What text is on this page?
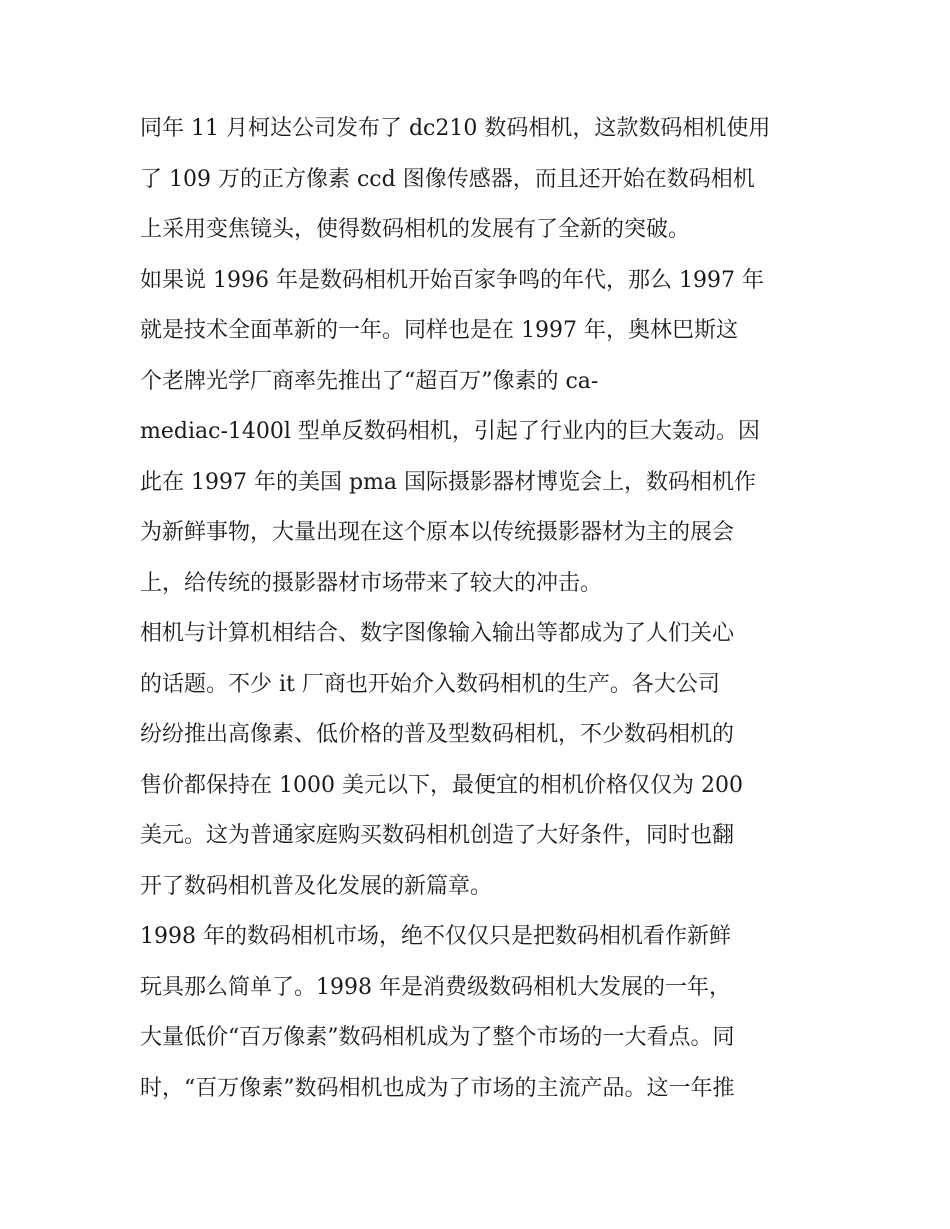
同年 11 月柯达公司发布了 dc210 数码相机，这款数码相机使用
了 109 万的正方像素 ccd 图像传感器，而且还开始在数码相机
上采用变焦镜头，使得数码相机的发展有了全新的突破。

如果说 1996 年是数码相机开始百家争鸣的年代，那么 1997 年
就是技术全面革新的一年。同样也是在 1997 年，奥林巴斯这
个老牌光学厂商率先推出了“超百万”像素的 ca-
mediac-1400l 型单反数码相机，引起了行业内的巨大轰动。因
此在 1997 年的美国 pma 国际摄影器材博览会上，数码相机作
为新鲜事物，大量出现在这个原本以传统摄影器材为主的展会
上，给传统的摄影器材市场带来了较大的冲击。

相机与计算机相结合、数字图像输入输出等都成为了人们关心
的话题。不少 it 厂商也开始介入数码相机的生产。各大公司
纷纷推出高像素、低价格的普及型数码相机，不少数码相机的
售价都保持在 1000 美元以下，最便宜的相机价格仅仅为 200
美元。这为普通家庭购买数码相机创造了大好条件，同时也翻
开了数码相机普及化发展的新篇章。

1998 年的数码相机市场，绝不仅仅只是把数码相机看作新鲜
玩具那么简单了。1998 年是消费级数码相机大发展的一年，
大量低价“百万像素”数码相机成为了整个市场的一大看点。同
时，“百万像素”数码相机也成为了市场的主流产品。这一年推
